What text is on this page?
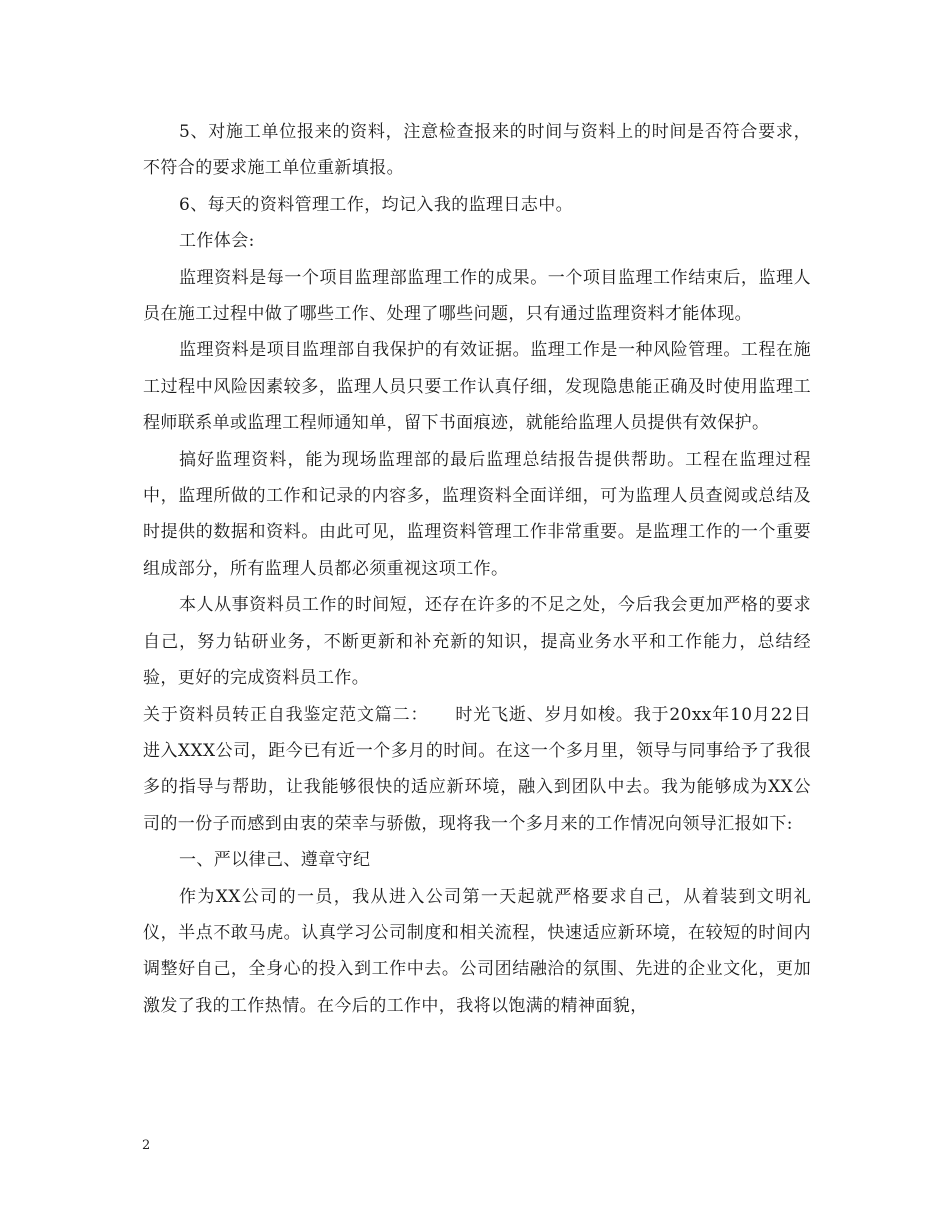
5、对施工单位报来的资料，注意检查报来的时间与资料上的时间是否符合要求，不符合的要求施工单位重新填报。

6、每天的资料管理工作，均记入我的监理日志中。

工作体会:

监理资料是每一个项目监理部监理工作的成果。一个项目监理工作结束后，监理人员在施工过程中做了哪些工作、处理了哪些问题，只有通过监理资料才能体现。

监理资料是项目监理部自我保护的有效证据。监理工作是一种风险管理。工程在施工过程中风险因素较多，监理人员只要工作认真仔细，发现隐患能正确及时使用监理工程师联系单或监理工程师通知单，留下书面痕迹，就能给监理人员提供有效保护。

搞好监理资料，能为现场监理部的最后监理总结报告提供帮助。工程在监理过程中，监理所做的工作和记录的内容多，监理资料全面详细，可为监理人员查阅或总结及时提供的数据和资料。由此可见，监理资料管理工作非常重要。是监理工作的一个重要组成部分，所有监理人员都必须重视这项工作。

本人从事资料员工作的时间短，还存在许多的不足之处，今后我会更加严格的要求自己，努力钻研业务，不断更新和补充新的知识，提高业务水平和工作能力，总结经验，更好的完成资料员工作。

关于资料员转正自我鉴定范文篇二：　　时光飞逝、岁月如梭。我于20xx年10月22日进入XXX公司，距今已有近一个多月的时间。在这一个多月里，领导与同事给予了我很多的指导与帮助，让我能够很快的适应新环境，融入到团队中去。我为能够成为XX公司的一份子而感到由衷的荣幸与骄傲，现将我一个多月来的工作情况向领导汇报如下:

一、严以律己、遵章守纪

作为XX公司的一员，我从进入公司第一天起就严格要求自己，从着装到文明礼仪，半点不敢马虎。认真学习公司制度和相关流程，快速适应新环境，在较短的时间内调整好自己，全身心的投入到工作中去。公司团结融洽的氛围、先进的企业文化，更加激发了我的工作热情。在今后的工作中，我将以饱满的精神面貌，

2
